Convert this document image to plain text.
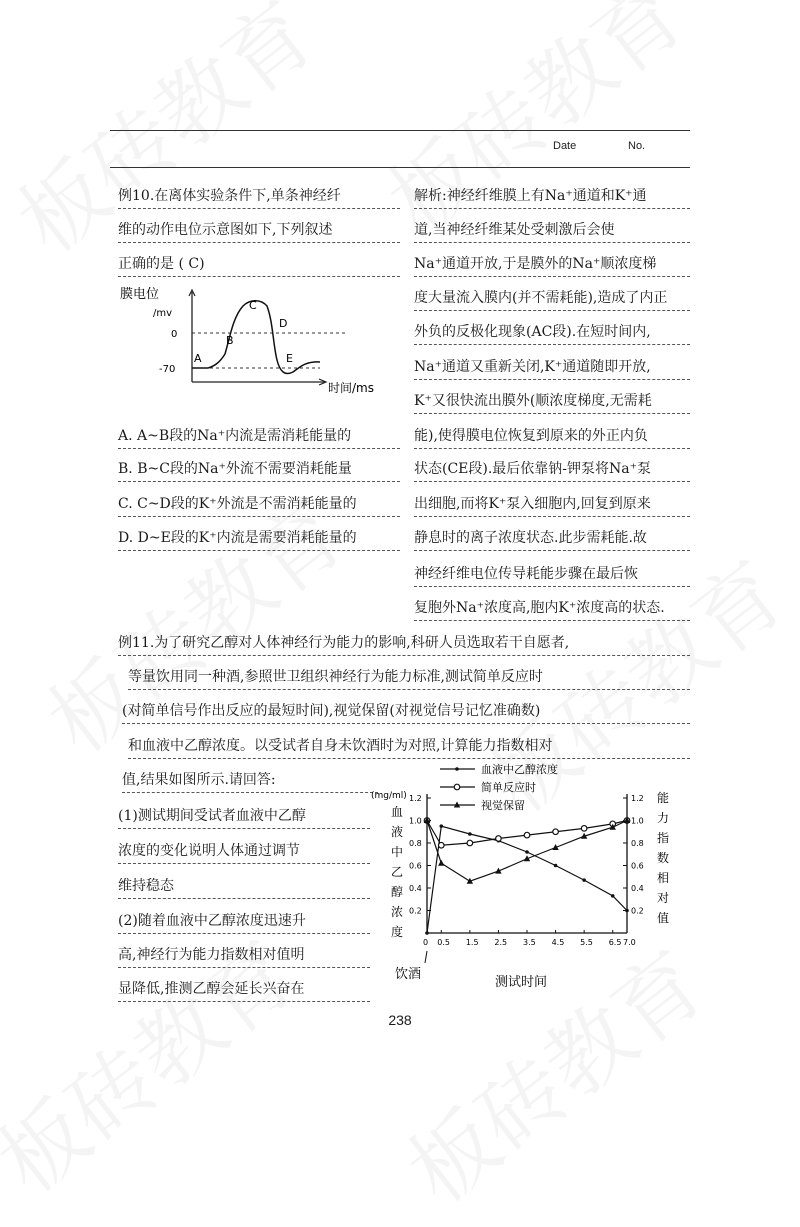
Date	No.
例10.在离体实验条件下,单条神经纤
维的动作电位示意图如下,下列叙述
正确的是 ( C)
膜电位
/mv
0
-70
A
B
C
D
E
时间/ms
A. A~B段的Na⁺内流是需消耗能量的
B. B~C段的Na⁺外流不需要消耗能量
C. C~D段的K⁺外流是不需消耗能量的
D. D~E段的K⁺内流是需要消耗能量的
解析:神经纤维膜上有Na⁺通道和K⁺通
道,当神经纤维某处受刺激后会使
Na⁺通道开放,于是膜外的Na⁺顺浓度梯
度大量流入膜内(并不需耗能),造成了内正
外负的反极化现象(AC段).在短时间内,
Na⁺通道又重新关闭,K⁺通道随即开放,
K⁺又很快流出膜外(顺浓度梯度,无需耗
能),使得膜电位恢复到原来的外正内负
状态(CE段).最后依靠钠-钾泵将Na⁺泵
出细胞,而将K⁺泵入细胞内,回复到原来
静息时的离子浓度状态.此步需耗能.故
神经纤维电位传导耗能步骤在最后恢
复胞外Na⁺浓度高,胞内K⁺浓度高的状态.
例11.为了研究乙醇对人体神经行为能力的影响,科研人员选取若干自愿者,
等量饮用同一种酒,参照世卫组织神经行为能力标准,测试简单反应时
(对简单信号作出反应的最短时间),视觉保留(对视觉信号记忆准确数)
和血液中乙醇浓度。以受试者自身未饮酒时为对照,计算能力指数相对
值,结果如图所示.请回答:
(1)测试期间受试者血液中乙醇
浓度的变化说明人体通过调节
维持稳态
(2)随着血液中乙醇浓度迅速升
高,神经行为能力指数相对值明
显降低,推测乙醇会延长兴奋在
血液中乙醇浓度
简单反应时
视觉保留
(mg/ml)
0.2
0.4
0.6
0.8
1.0
1.2
0.2
0.4
0.6
0.8
1.0
1.2
血
液
中
乙
醇
浓
度
能
力
指
数
相
对
值
0 0.5 1.5 2.5 3.5 4.5 5.5 6.5 7.0
饮酒
测试时间
238
